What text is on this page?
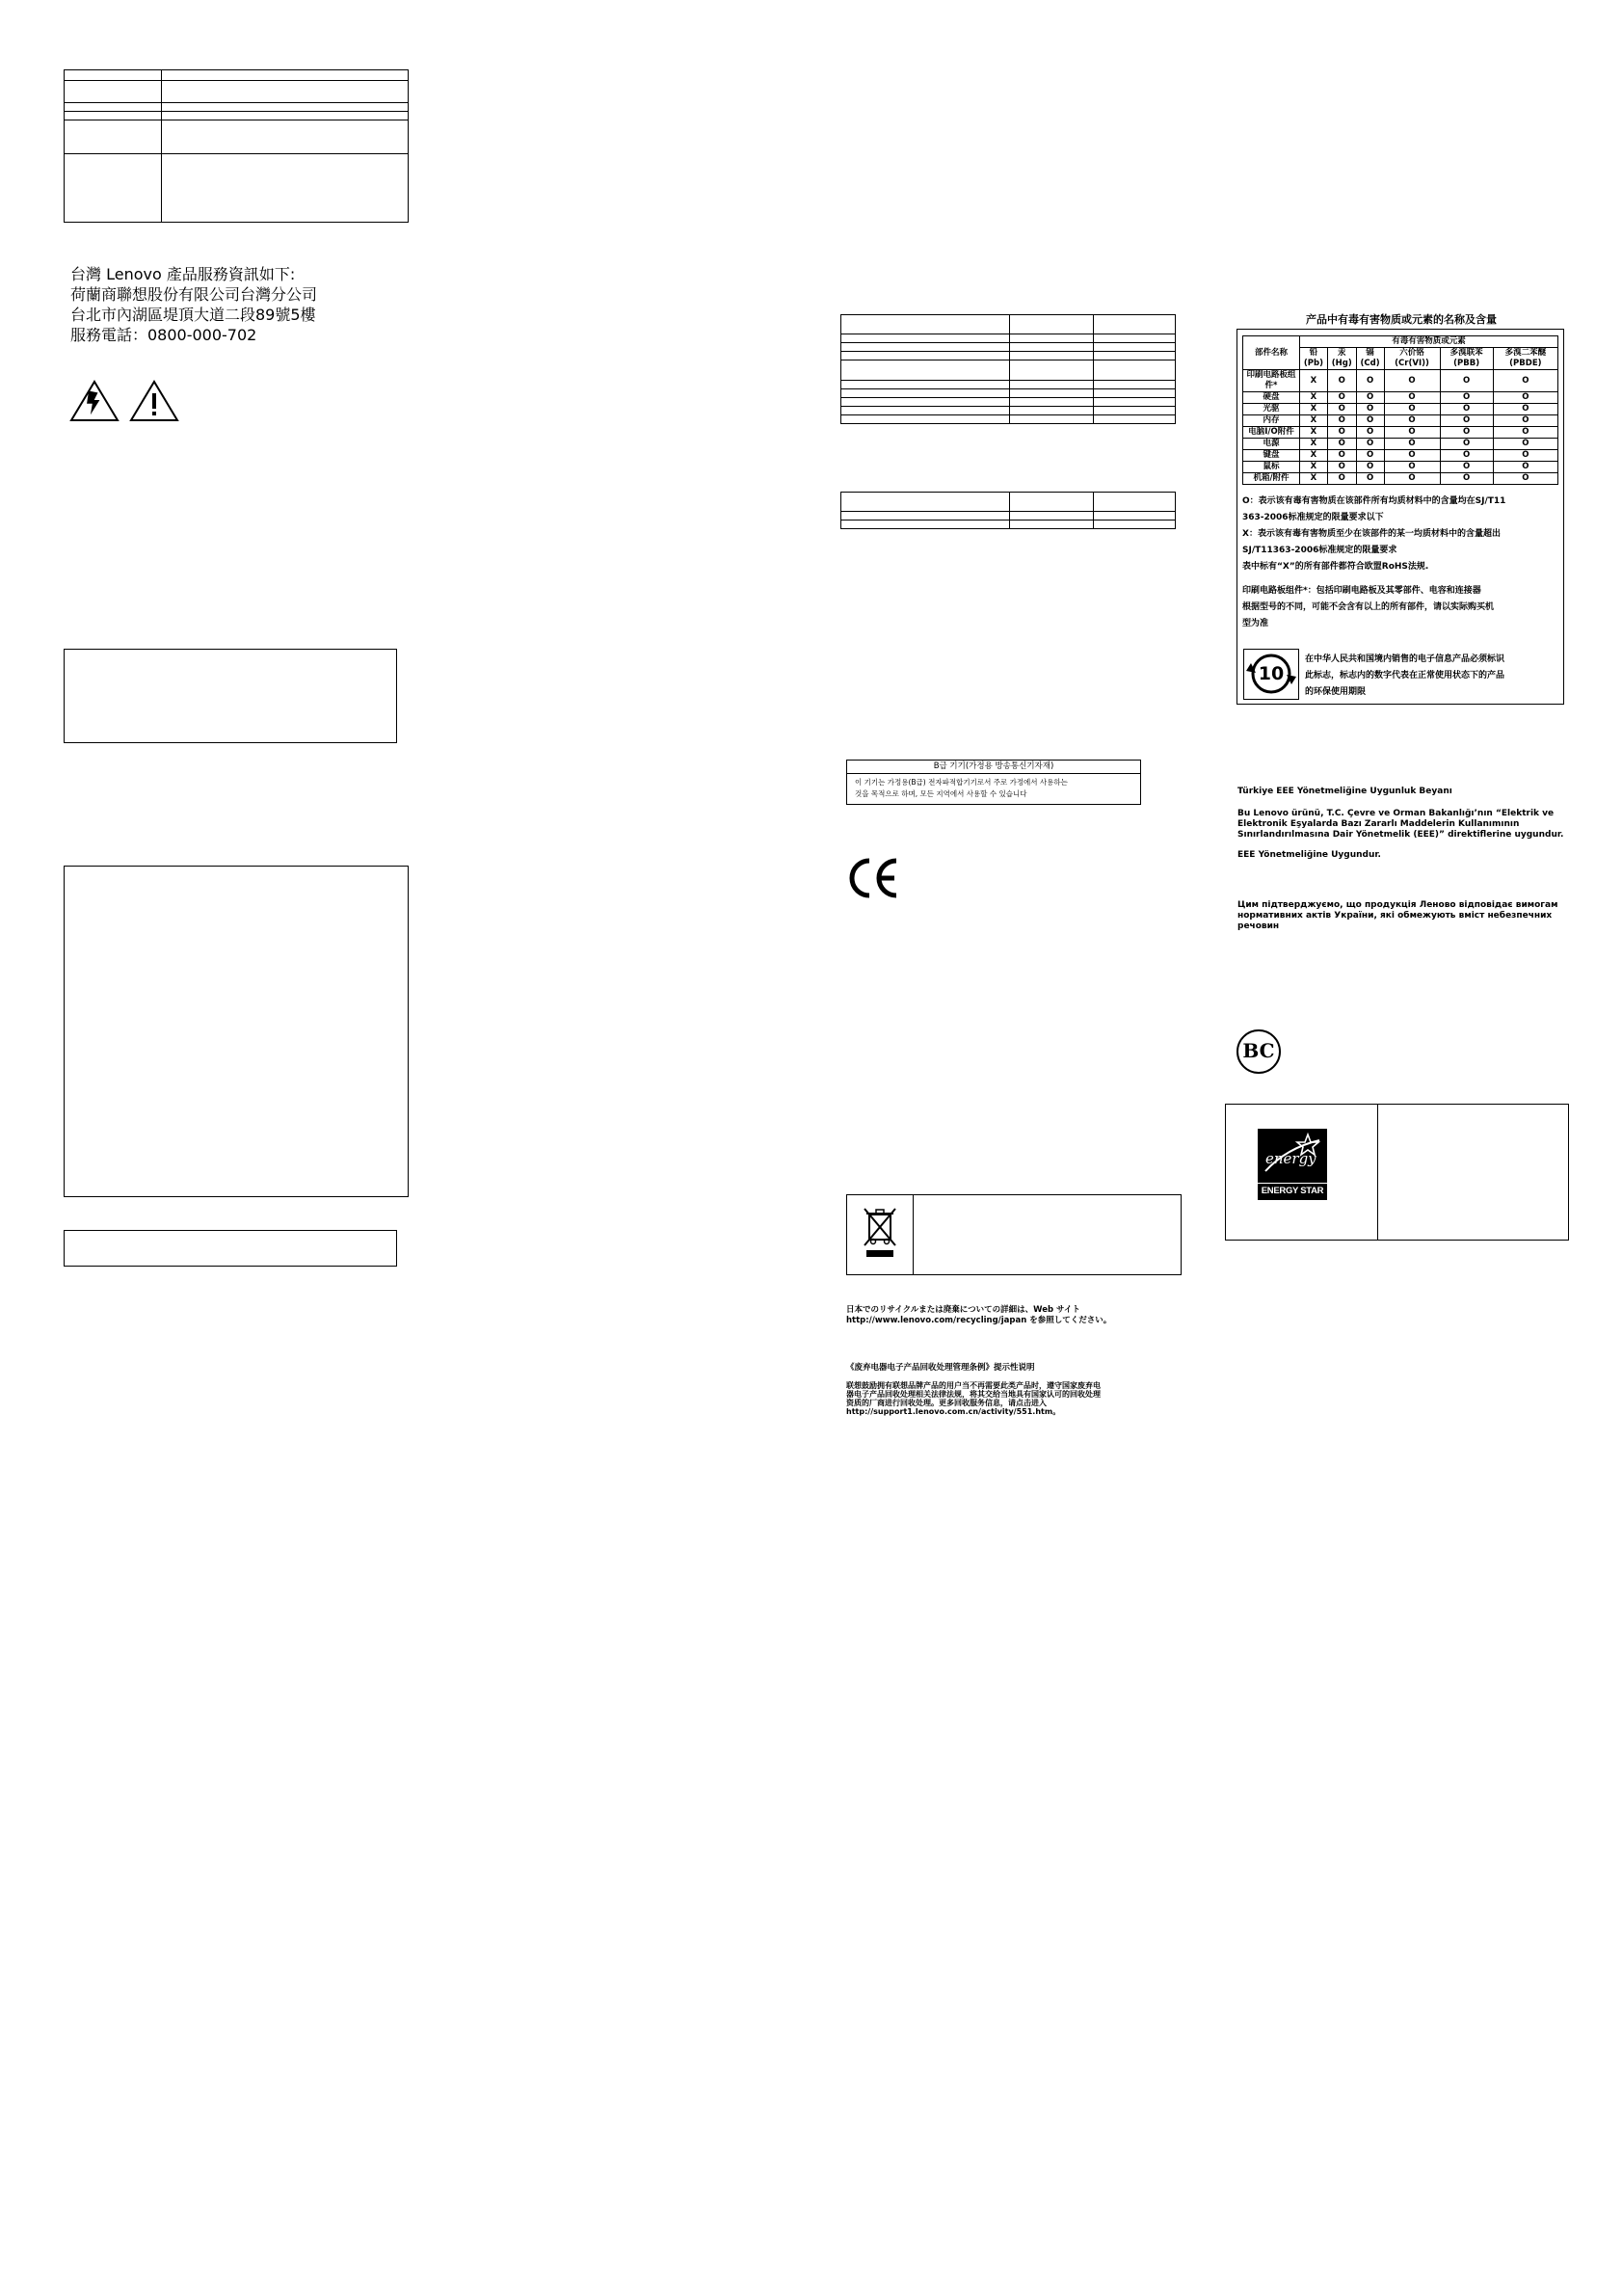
台灣 Lenovo 產品服務資訊如下:
荷蘭商聯想股份有限公司台灣分公司
台北市內湖區堤頂大道二段89號5樓
服務電話：0800-000-702

B급 기기(가정용 방송통신기자재)
이 기기는 가정용(B급) 전자파적합기기로서 주로 가정에서 사용하는
것을 목적으로 하며, 모든 지역에서 사용할 수 있습니다
日本でのリサイクルまたは廃棄についての詳細は、Web サイト
http://www.lenovo.com/recycling/japan を参照してください。
《废弃电器电子产品回收处理管理条例》提示性说明
联想鼓励拥有联想品牌产品的用户当不再需要此类产品时，遵守国家废弃电
器电子产品回收处理相关法律法规，将其交给当地具有国家认可的回收处理
资质的厂商进行回收处理。更多回收服务信息，请点击进入
http://support1.lenovo.com.cn/activity/551.htm。
产品中有毒有害物质或元素的名称及含量
部件名称	有毒有害物质或元素					
	铅(Pb)	汞(Hg)	镉(Cd)	六价铬 (Cr(VI))	多溴联苯 (PBB)	多溴二苯醚 (PBDE)
印刷电路板组件*	X	O	O	O	O	O
硬盘	X	O	O	O	O	O
光驱	X	O	O	O	O	O
内存	X	O	O	O	O	O
电脑I/O附件	X	O	O	O	O	O
电源	X	O	O	O	O	O
键盘	X	O	O	O	O	O
鼠标	X	O	O	O	O	O
机箱/附件	X	O	O	O	O	O
O：表示该有毒有害物质在该部件所有均质材料中的含量均在SJ/T11
363-2006标准规定的限量要求以下
X：表示该有毒有害物质至少在该部件的某一均质材料中的含量超出
SJ/T11363-2006标准规定的限量要求
表中标有“X”的所有部件都符合欧盟RoHS法规.
印刷电路板组件*：包括印刷电路板及其零部件、电容和连接器
根据型号的不同，可能不会含有以上的所有部件，请以实际购买机
型为准
10
在中华人民共和国境内销售的电子信息产品必须标识
此标志，标志内的数字代表在正常使用状态下的产品
的环保使用期限
Türkiye EEE Yönetmeliğine Uygunluk Beyanı
Bu Lenovo ürünü, T.C. Çevre ve Orman Bakanlığı’nın “Elektrik ve
Elektronik Eşyalarda Bazı Zararlı Maddelerin Kullanımının
Sınırlandırılmasına Dair Yönetmelik (EEE)” direktiflerine uygundur.
EEE Yönetmeliğine Uygundur.
Цим підтверджуємо, що продукція Леново відповідає вимогам
нормативних актів України, які обмежують вміст небезпечних
речовин
BC
energy
ENERGY STAR
